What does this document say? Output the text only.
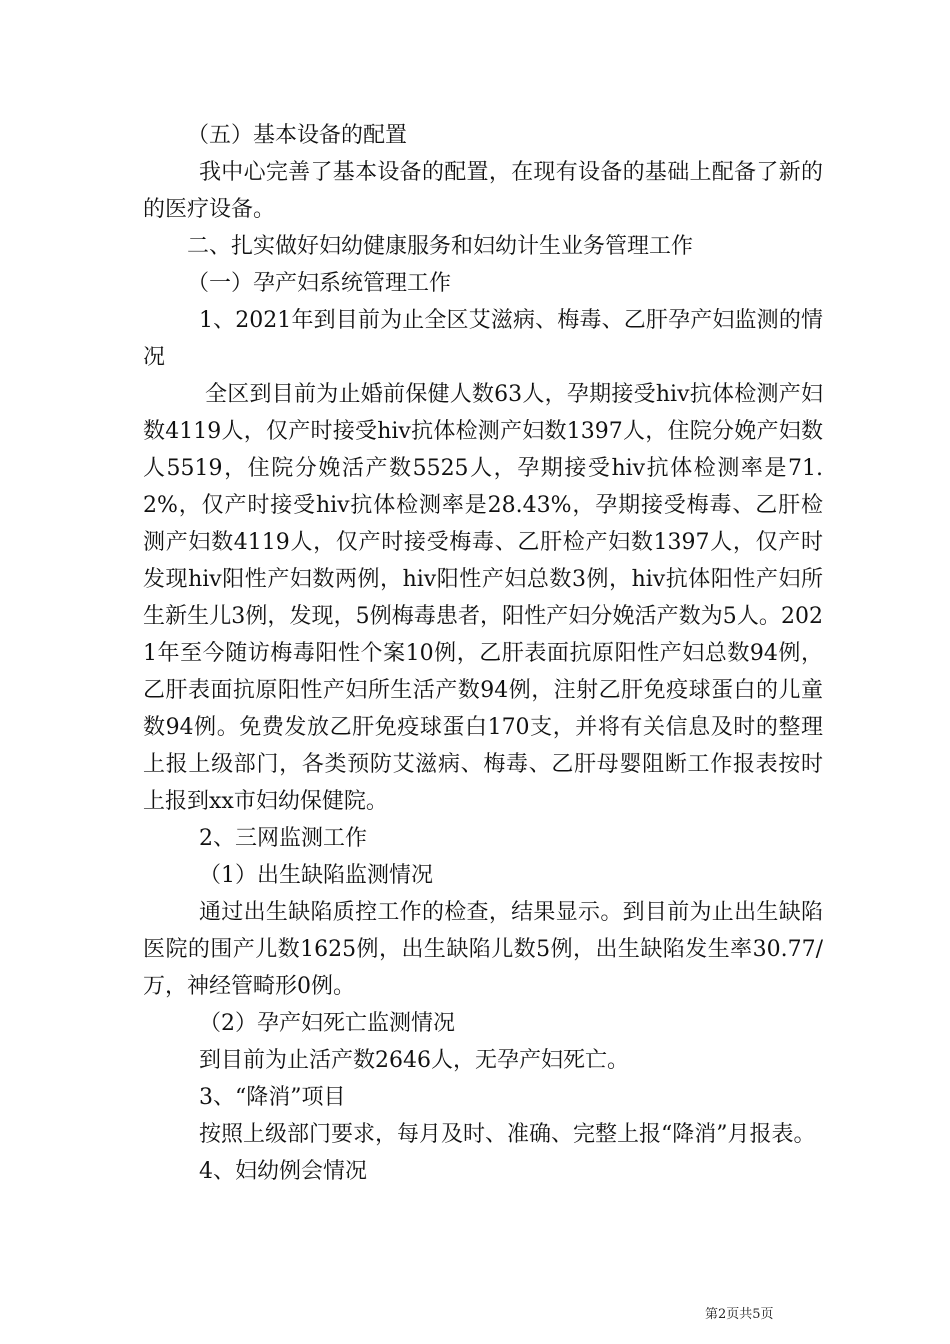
（五）基本设备的配置

我中心完善了基本设备的配置，在现有设备的基础上配备了新的的医疗设备。

二、扎实做好妇幼健康服务和妇幼计生业务管理工作

（一）孕产妇系统管理工作

1、2021年到目前为止全区艾滋病、梅毒、乙肝孕产妇监测的情况

全区到目前为止婚前保健人数63人，孕期接受hiv抗体检测产妇数4119人，仅产时接受hiv抗体检测产妇数1397人，住院分娩产妇数人5519，住院分娩活产数5525人，孕期接受hiv抗体检测率是71.2%，仅产时接受hiv抗体检测率是28.43%，孕期接受梅毒、乙肝检测产妇数4119人，仅产时接受梅毒、乙肝检产妇数1397人，仅产时发现hiv阳性产妇数两例，hiv阳性产妇总数3例，hiv抗体阳性产妇所生新生儿3例，发现，5例梅毒患者，阳性产妇分娩活产数为5人。2021年至今随访梅毒阳性个案10例，乙肝表面抗原阳性产妇总数94例，乙肝表面抗原阳性产妇所生活产数94例，注射乙肝免疫球蛋白的儿童数94例。免费发放乙肝免疫球蛋白170支，并将有关信息及时的整理上报上级部门，各类预防艾滋病、梅毒、乙肝母婴阻断工作报表按时上报到xx市妇幼保健院。

2、三网监测工作

（1）出生缺陷监测情况

通过出生缺陷质控工作的检查，结果显示。到目前为止出生缺陷医院的围产儿数1625例，出生缺陷儿数5例，出生缺陷发生率30.77/万，神经管畸形0例。

（2）孕产妇死亡监测情况

到目前为止活产数2646人，无孕产妇死亡。

3、“降消”项目

按照上级部门要求，每月及时、准确、完整上报“降消”月报表。

4、妇幼例会情况

第2页共5页
